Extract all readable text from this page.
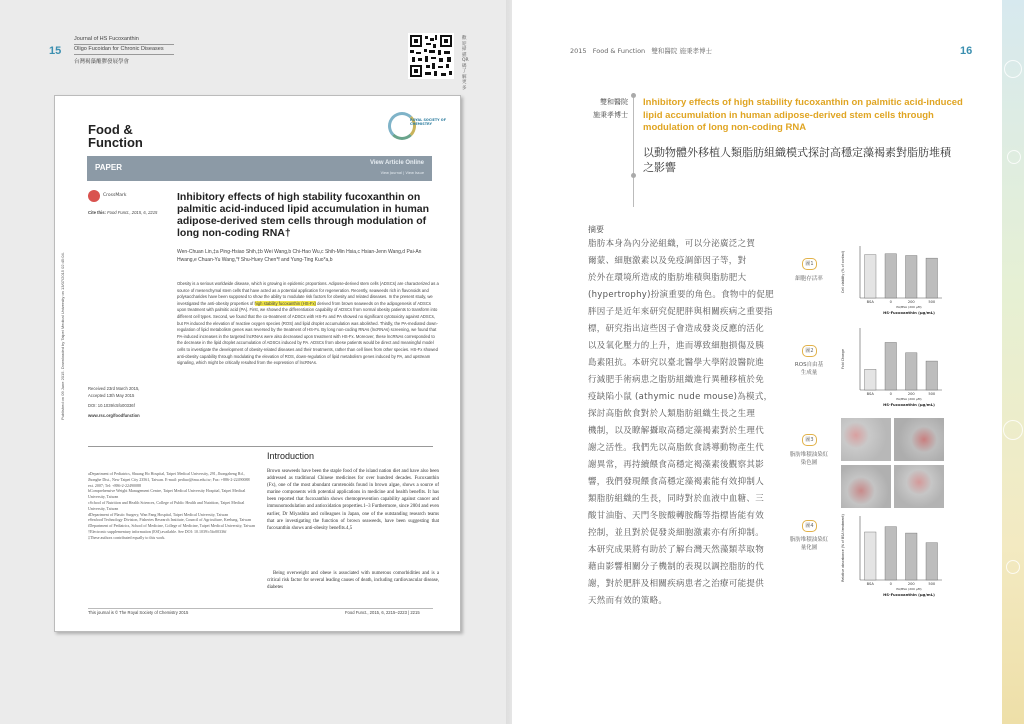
15
Journal of HS Fucoxanthin
Oligo Fucoidan for Chronic Diseases
台灣褐藻醣膠發展學會
歡迎掃描QR碼 了解更多
Food &
Function
ROYAL SOCIETY OF CHEMISTRY
PAPER	View Article Online
View Journal | View Issue
CrossMark
Cite this: Food Funct., 2015, 6, 2215
Inhibitory effects of high stability fucoxanthin on palmitic acid-induced lipid accumulation in human adipose-derived stem cells through modulation of long non-coding RNA†
Wen-Chuan Lin,‡a Ping-Hsiao Shih,‡b Wei Wang,b Chi-Hao Wu,c Shih-Min Hsia,c Hsian-Jenn Wang,d Pai-An Hwang,e Chuan-Yu Wang,*f Shu-Huey Chen*f and Yung-Ting Kuo*a,b
Obesity is a serious worldwide disease, which is growing in epidemic proportions. Adipose-derived stem cells (ADSCs) are characterized as a source of mesenchymal stem cells that have acted as a potential application for regeneration. Recently, seaweeds rich in flavonoids and polysaccharides have been supposed to show the ability to modulate risk factors for obesity and related diseases. In the present study, we investigated the anti-obesity properties of high stability fucoxanthin (HS-Fx) derived from brown seaweeds on the adipogenesis of ADSCs upon treatment with palmitic acid (PA). First, we showed the differentiation capability of ADSCs from normal obesity patients to transform into different cell types. Second, we found that the co-treatment of ADSCs with HS-Fx and PA showed no significant cytotoxicity against ADSCs, but PA induced the elevation of reactive oxygen species (ROS) and lipid droplet accumulation was abolished. Thirdly, the PA-mediated down-regulation of lipid metabolism genes was reversed by the treatment of HS-Fx. By long non-coding RNAs (lncRNAs) screening, we found that PA-induced increases in the targeted lncRNAs were also decreased upon treatment with HS-Fx. Moreover, these lncRNAs corresponded to the decrease in the lipid droplet accumulation of ADSCs induced by PA. ADSCs from obese patients would be direct and meaningful model cells to investigate the development of obesity-related diseases and their treatments, rather than cell lines from other species. HS-Fx showed anti-obesity capability through modulating the elevation of ROS, down-regulation of lipid metabolism genes induced by PA, and upstream signaling, which might be critically resulted from the expression of lncRNAs.
Received 23rd March 2015,
Accepted 13th May 2015
DOI: 10.1039/c5fo00336f
www.rsc.org/foodfunction
Introduction
Brown seaweeds have been the staple food of the island nation diet and have also been addressed as traditional Chinese medicines for over hundred decades. Fucoxanthin (Fx), one of the most abundant carotenoids found in brown algae, shows a source of marine components with potential applications in medicine and health benefits. It has been reported that fucoxanthin shows chemoprevention capability against cancer and immunomodulation and antioxidation properties.1–3 Furthermore, since 2004 and even earlier, Dr Miyashita and colleagues in Japan, one of the outstanding research teams that are investigating the function of brown seaweeds, have been suggesting that fucoxanthin shows anti-obesity benefits.4,5
Being overweight and obese is associated with numerous comorbidities and is a critical risk factor for several leading causes of death, including cardiovascular disease, diabetes
aDepartment of Pediatrics, Shuang Ho Hospital, Taipei Medical University, 291, Jhongzheng Rd., Jhonghe Dist., New Taipei City 23561, Taiwan. E-mail: pediuo@tmu.edu.tw; Fax: +886-2-22490088 ext. 2007; Tel: +886-2-22490088
bComprehensive Weight Management Centre, Taipei Medical University Hospital, Taipei Medical University, Taiwan
cSchool of Nutrition and Health Sciences, College of Public Health and Nutrition, Taipei Medical University, Taiwan
dDepartment of Plastic Surgery, Wan Fang Hospital, Taipei Medical University, Taiwan
eSeafood Technology Division, Fisheries Research Institute, Council of Agriculture, Keelung, Taiwan
fDepartment of Pediatrics, School of Medicine, College of Medicine, Taipei Medical University, Taiwan
†Electronic supplementary information (ESI) available. See DOI: 10.1039/c5fo00336f
‡These authors contributed equally to this work.
This journal is © The Royal Society of Chemistry 2015	Food Funct., 2015, 6, 2215–2223 | 2215
Published on 09 June 2015. Downloaded by Taipei Medical University on 13/07/2015 02:45:04.
2015   Food & Function   雙和醫院 施秉孝博士	16
雙和醫院
施秉孝博士
Inhibitory effects of high stability fucoxanthin on palmitic acid-induced lipid accumulation in human adipose-derived stem cells through modulation of long non-coding RNA
以動物體外移植人類脂肪組織模式探討高穩定藻褐素對脂肪堆積之影響
摘要
脂肪本身為內分泌組織，可以分泌廣泛之賀
爾蒙、細胞激素以及免疫調節因子等，對
於外在環境所造成的脂肪堆積與脂肪肥大
(hypertrophy)扮演重要的角色。食物中的促肥
胖因子是近年來研究促肥胖與相關疾病之重要指
標，研究指出這些因子會造成發炎反應的活化
以及氧化壓力的上升，進而導致細胞損傷及胰
島素阻抗。本研究以臺北醫學大學附設醫院進
行減肥手術病患之脂肪組織進行異種移植於免
疫缺陷小鼠 (athymic nude mouse)為模式，
探討高脂飲食對於人類脂肪組織生長之生理
機制，以及瞭解攝取高穩定藻褐素對於生理代
謝之活性。我們先以高脂飲食誘導動物產生代
謝異常，再持續餵食高穩定褐藻素後觀察其影
響，我們發現餵食高穩定藻褐素能有效抑制人
類脂肪組織的生長，同時對於血液中血糖、三
酸甘油脂、天門冬胺酸轉胺酶等指標皆能有效
控制，並且對於促發炎細胞激素亦有所抑制。
本研究成果將有助於了解台灣天然藻類萃取物
藉由影響相關分子機制的表現以調控脂肪的代
謝，對於肥胖及相關疾病患者之治療可能提供
天然而有效的策略。
圖1
細胞存活率
圖2
ROS自由基
生成量
圖3
脂肪堆積油染紅
染色圖
圖4
脂肪堆積油染紅
量化圖
Cell viability (% of control)
BSA	0	200	500
PA/BSA (200 μM)
HS-Fucoxanthin (μg/mL)
Fold Change
BSA	0	200	500
PA/BSA (200 μM)
HS-Fucoxanthin (μg/mL)
Relative absorbance (% of BSA treatment)
BSA	0	200	500
PA/BSA (200 μM)
HS-Fucoxanthin (μg/mL)
